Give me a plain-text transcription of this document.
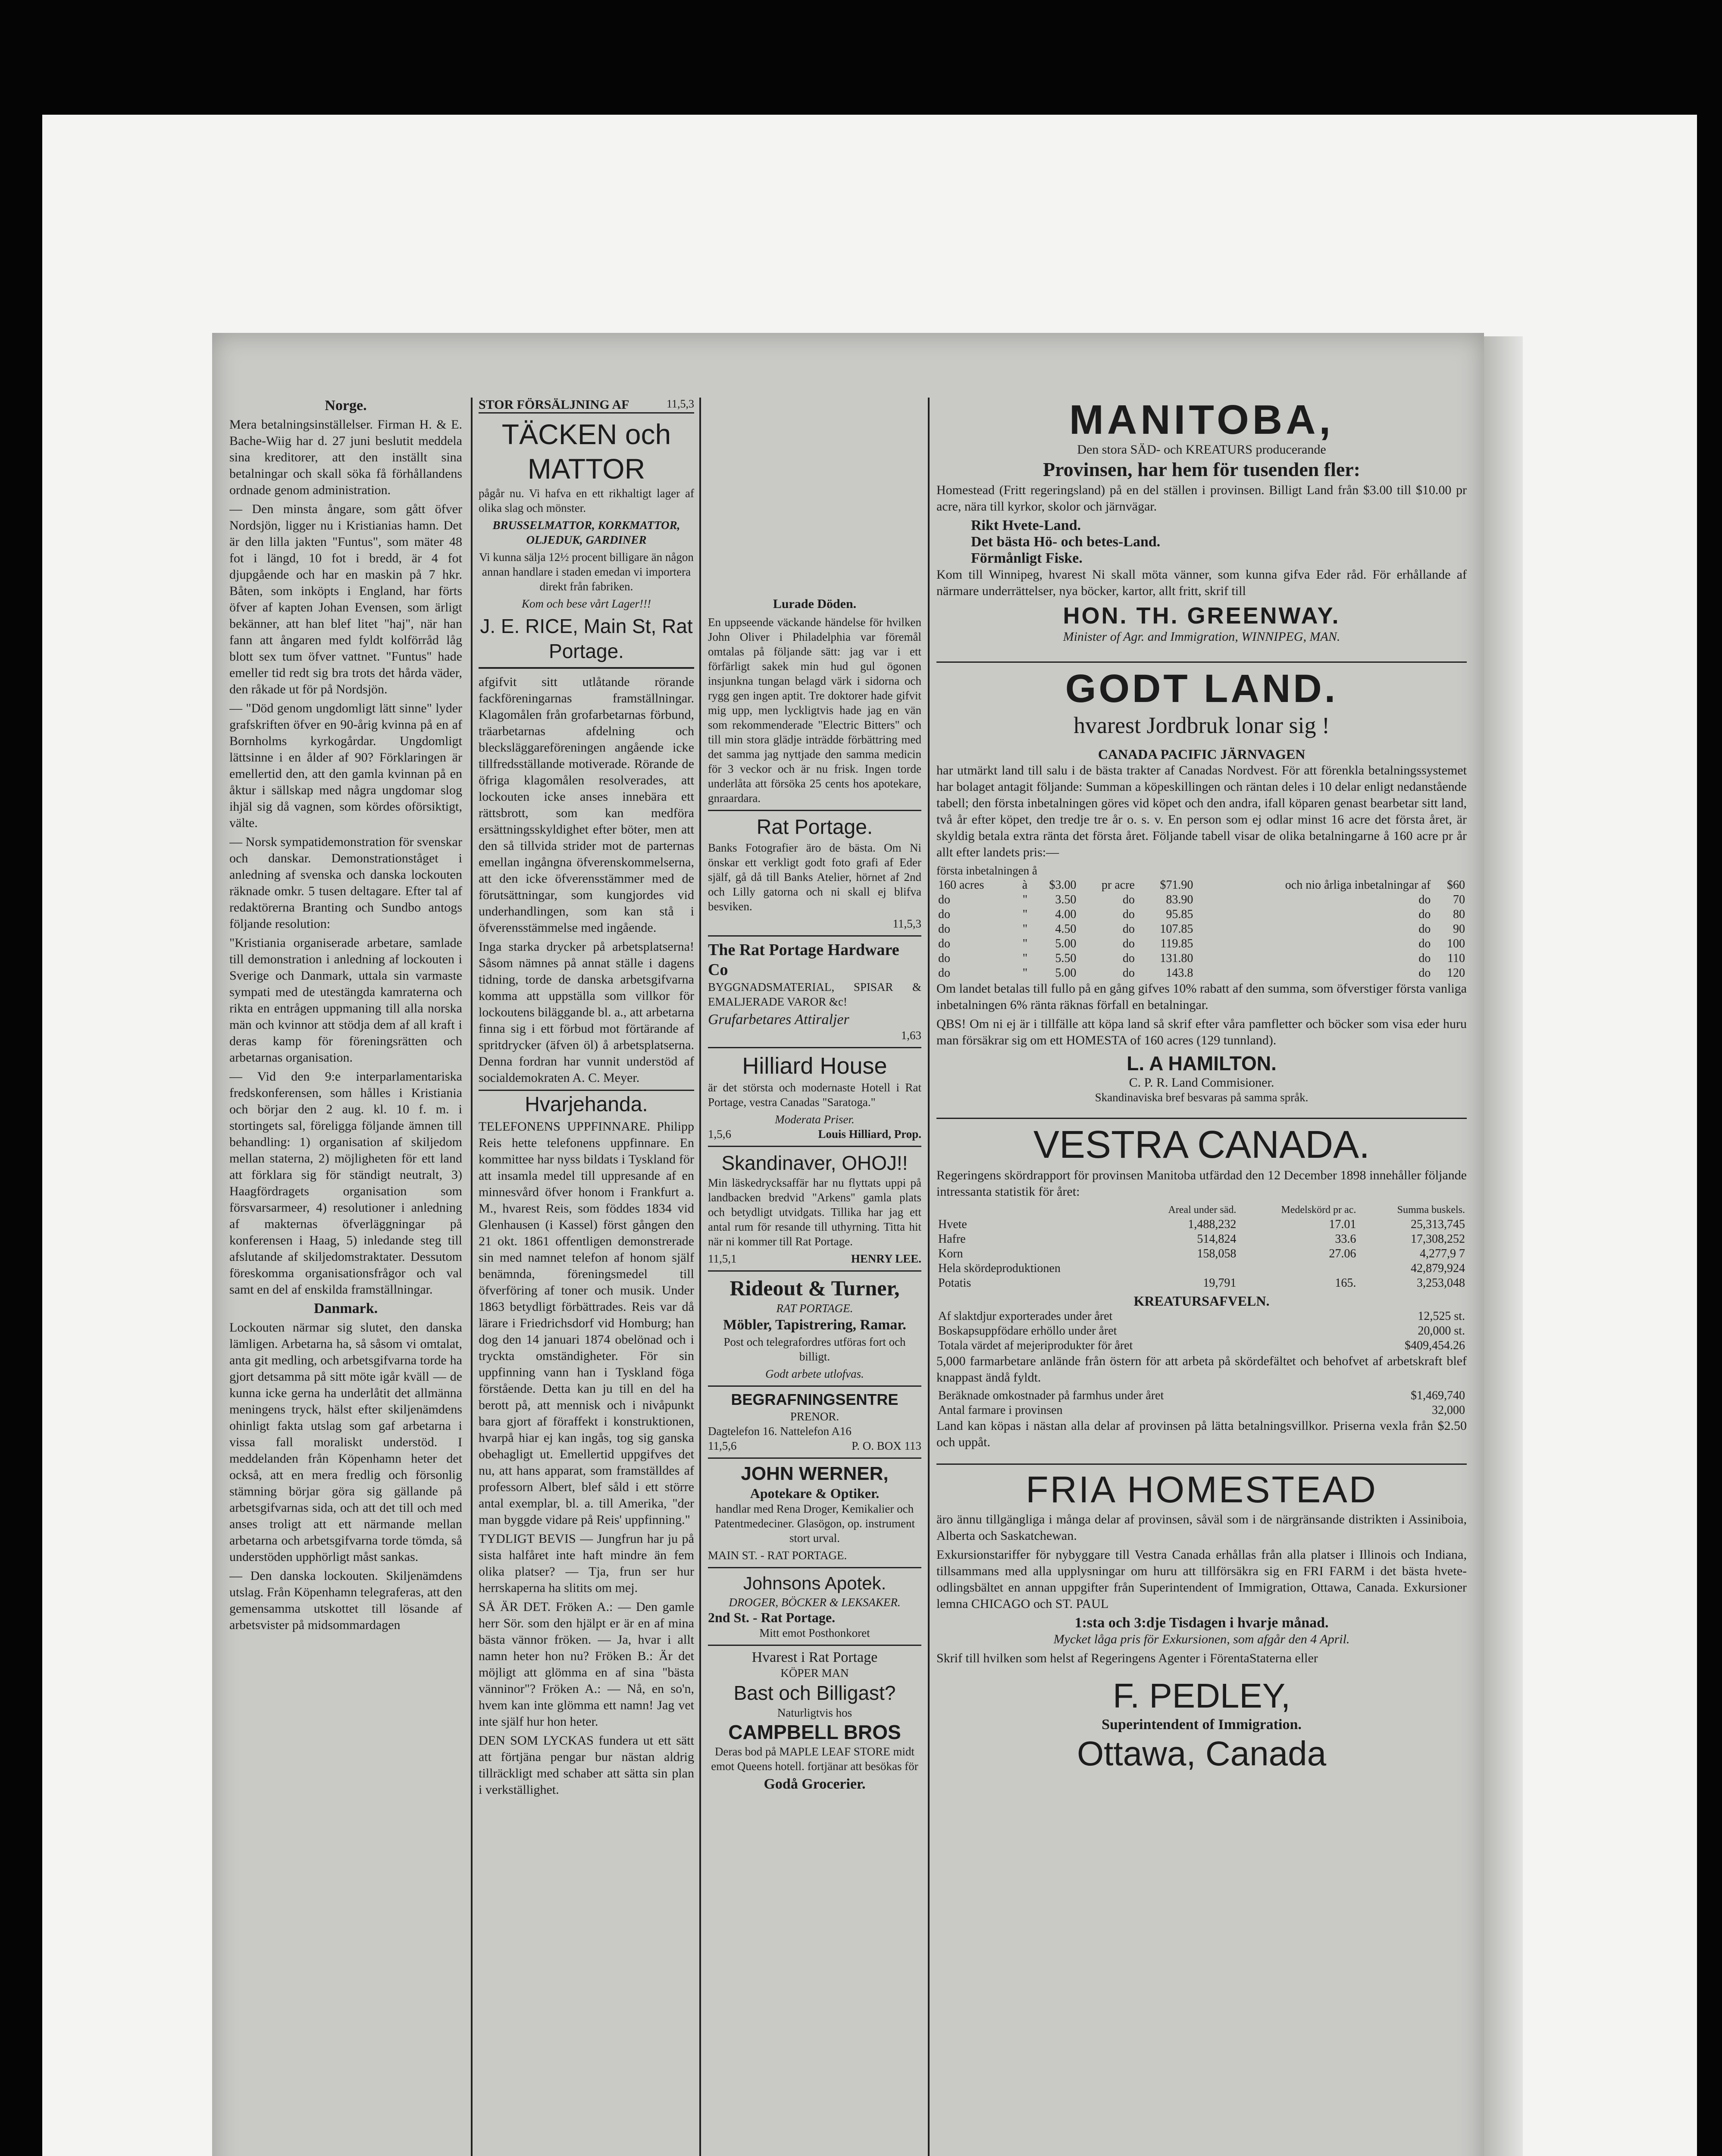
Norge.

Mera betalningsinställelser. Firman H. & E. Bache-Wiig har d. 27 juni beslutit meddela sina kreditorer, att den inställt sina betalningar och skall söka få förhållandens ordnade genom administration.

— Den minsta ångare, som gått öfver Nordsjön, ligger nu i Kristianias hamn. Det är den lilla jakten "Funtus", som mäter 48 fot i längd, 10 fot i bredd, är 4 fot djupgående och har en maskin på 7 hkr. Båten, som inköpts i England, har förts öfver af kapten Johan Evensen, som ärligt bekänner, att han blef litet "haj", när han fann att ångaren med fyldt kolförråd låg blott sex tum öfver vattnet. "Funtus" hade emeller tid redt sig bra trots det hårda väder, den råkade ut för på Nordsjön.

— "Död genom ungdomligt lätt sinne" lyder grafskriften öfver en 90-årig kvinna på en af Bornholms kyrkogårdar. Ungdomligt lättsinne i en ålder af 90? Förklaringen är emellertid den, att den gamla kvinnan på en åktur i sällskap med några ungdomar slog ihjäl sig då vagnen, som kördes oförsiktigt, välte.

— Norsk sympatidemonstration för svenskar och danskar. Demonstrationståget i anledning af svenska och danska lockouten räknade omkr. 5 tusen deltagare. Efter tal af redaktörerna Branting och Sundbo antogs följande resolution:

"Kristiania organiserade arbetare, samlade till demonstration i anledning af lockouten i Sverige och Danmark, uttala sin varmaste sympati med de utestängda kamraterna och rikta en entrågen uppmaning till alla norska män och kvinnor att stödja dem af all kraft i deras kamp för föreningsrätten och arbetarnas organisation.

— Vid den 9:e interparlamentariska fredskonferensen, som hålles i Kristiania och börjar den 2 aug. kl. 10 f. m. i stortingets sal, föreligga följande ämnen till behandling: 1) organisation af skiljedom mellan staterna, 2) möjligheten för ett land att förklara sig för ständigt neutralt, 3) Haagfördragets organisation som försvarsarmeer, 4) resolutioner i anledning af makternas öfverläggningar på konferensen i Haag, 5) inledande steg till afslutande af skiljedomstraktater. Dessutom föreskomma organisationsfrågor och val samt en del af enskilda framställningar.

Danmark.

Lockouten närmar sig slutet, den danska lämligen. Arbetarna ha, så såsom vi omtalat, anta git medling, och arbetsgifvarna torde ha gjort detsamma på sitt möte igår kväll — de kunna icke gerna ha underlåtit det allmänna meningens tryck, hälst efter skiljenämdens ohinligt fakta utslag som gaf arbetarna i vissa fall moraliskt understöd. I meddelanden från Köpenhamn heter det också, att en mera fredlig och försonlig stämning börjar göra sig gällande på arbetsgifvarnas sida, och att det till och med anses troligt att ett närmande mellan arbetarna och arbetsgifvarna torde tömda, så understöden upphörligt måst sankas.

— Den danska lockouten. Skiljenämdens utslag. Från Köpenhamn telegraferas, att den gemensamma utskottet till lösande af arbetsvister på midsommardagen

STOR FÖRSÄLJNING AF	11,5,3
TÄCKEN och MATTOR

pågår nu. Vi hafva en ett rikhaltigt lager af olika slag och mönster.

BRUSSELMATTOR, KORKMATTOR, OLJEDUK, GARDINER

Vi kunna sälja 12½ procent billigare än någon annan handlare i staden emedan vi importera direkt från fabriken.

Kom och bese vårt Lager!!!

J. E. RICE, Main St, Rat Portage.

afgifvit sitt utlåtande rörande fackföreningarnas framställningar. Klagomålen från grofarbetarnas förbund, träarbetarnas afdelning och blecksläggareföreningen angående icke tillfredsställande motiverade. Rörande de öfriga klagomålen resolverades, att lockouten icke anses innebära ett rättsbrott, som kan medföra ersättningsskyldighet efter böter, men att den så tillvida strider mot de parternas emellan ingångna öfverenskommelserna, att den icke öfverensstämmer med de förutsättningar, som kungjordes vid underhandlingen, som kan stå i öfverensstämmelse med ingående.

Inga starka drycker på arbetsplatserna! Såsom nämnes på annat ställe i dagens tidning, torde de danska arbetsgifvarna komma att uppställa som villkor för lockoutens biläggande bl. a., att arbetarna finna sig i ett förbud mot förtärande af spritdrycker (äfven öl) å arbetsplatserna. Denna fordran har vunnit understöd af socialdemokraten A. C. Meyer.

Hvarjehanda.

TELEFONENS UPPFINNARE. Philipp Reis hette telefonens uppfinnare. En kommittee har nyss bildats i Tyskland för att insamla medel till uppresande af en minnesvård öfver honom i Frankfurt a. M., hvarest Reis, som föddes 1834 vid Glenhausen (i Kassel) först gången den 21 okt. 1861 offentligen demonstrerade sin med namnet telefon af honom själf benämnda, föreningsmedel till öfverföring af toner och musik. Under 1863 betydligt förbättrades. Reis var då lärare i Friedrichsdorf vid Homburg; han dog den 14 januari 1874 obelönad och i tryckta omständigheter. För sin uppfinning vann han i Tyskland föga förstående. Detta kan ju till en del ha berott på, att mennisk och i nivåpunkt bara gjort af föraffekt i konstruktionen, hvarpå hiar ej kan ingås, tog sig ganska obehagligt ut. Emellertid uppgifves det nu, att hans apparat, som framställdes af professorn Albert, blef såld i ett större antal exemplar, bl. a. till Amerika, "der man byggde vidare på Reis' uppfinning."

TYDLIGT BEVIS — Jungfrun har ju på sista halfåret inte haft mindre än fem olika platser? — Tja, frun ser hur herrskaperna ha slitits om mej.

SÅ ÄR DET. Fröken A.: — Den gamle herr Sör. som den hjälpt er är en af mina bästa vännor fröken. — Ja, hvar i allt namn heter hon nu? Fröken B.: Är det möjligt att glömma en af sina "bästa vänninor"? Fröken A.: — Nå, en so'n, hvem kan inte glömma ett namn! Jag vet inte själf hur hon heter.

DEN SOM LYCKAS fundera ut ett sätt att förtjäna pengar bur nästan aldrig tillräckligt med schaber att sätta sin plan i verkställighet.

Lurade Döden.

En uppseende väckande händelse för hvilken John Oliver i Philadelphia var föremål omtalas på följande sätt: jag var i ett förfärligt sakek min hud gul ögonen insjunkna tungan belagd värk i sidorna och rygg gen ingen aptit. Tre doktorer hade gifvit mig upp, men lyckligtvis hade jag en vän som rekommenderade "Electric Bitters" och till min stora glädje inträdde förbättring med det samma jag nyttjade den samma medicin för 3 veckor och är nu frisk. Ingen torde underlåta att försöka 25 cents hos apotekare, gnraardara.

Rat Portage.

Banks Fotografier äro de bästa. Om Ni önskar ett verkligt godt foto grafi af Eder själf, gå då till Banks Atelier, hörnet af 2nd och Lilly gatorna och ni skall ej blifva besviken.

11,5,3
The Rat Portage Hardware Co

BYGGNADSMATERIAL, SPISAR & EMALJERADE VAROR &c!

Grufarbetares Attiraljer
1,63
Hilliard House

är det största och modernaste Hotell i Rat Portage, vestra Canadas "Saratoga."

Moderata Priser.
1,5,6	Louis Hilliard, Prop.
Skandinaver, OHOJ!!

Min läskedrycksaffär har nu flyttats uppi på landbacken bredvid "Arkens" gamla plats och betydligt utvidgats. Tillika har jag ett antal rum för resande till uthyrning. Titta hit när ni kommer till Rat Portage.

11,5,1	HENRY LEE.
Rideout & Turner,
RAT PORTAGE.
Möbler, Tapistrering, Ramar.

Post och telegrafordres utföras fort och billigt.

Godt arbete utlofvas.
BEGRAFNINGSENTRE
PRENOR.
Dagtelefon 16. Nattelefon A16
11,5,6	P. O. BOX 113
JOHN WERNER,
Apotekare & Optiker.

handlar med Rena Droger, Kemikalier och Patentmedeciner. Glasögon, op. instrument stort urval.

MAIN ST. - RAT PORTAGE.
Johnsons Apotek.
DROGER, BÖCKER & LEKSAKER.
2nd St. - Rat Portage.
Mitt emot Posthonkoret
Hvarest i Rat Portage
KÖPER MAN
Bast och Billigast?
Naturligtvis hos
CAMPBELL BROS

Deras bod på MAPLE LEAF STORE midt emot Queens hotell. fortjänar att besökas för

Godå Grocerier.
MANITOBA,
Den stora SÄD- och KREATURS producerande
Provinsen, har hem för tusenden fler:

Homestead (Fritt regeringsland) på en del ställen i provinsen. Billigt Land från $3.00 till $10.00 pr acre, nära till kyrkor, skolor och järnvägar.

Rikt Hvete-Land.
Det bästa Hö- och betes-Land.
Förmånligt Fiske.

Kom till Winnipeg, hvarest Ni skall möta vänner, som kunna gifva Eder råd. För erhållande af närmare underrättelser, nya böcker, kartor, allt fritt, skrif till

HON. TH. GREENWAY.
Minister of Agr. and Immigration, WINNIPEG, MAN.
GODT LAND.
hvarest Jordbruk lonar sig !
CANADA PACIFIC JÄRNVAGEN

har utmärkt land till salu i de bästa trakter af Canadas Nordvest. För att förenkla betalningssystemet har bolaget antagit följande: Summan a köpeskillingen och räntan deles i 10 delar enligt nedanstående tabell; den första inbetalningen göres vid köpet och den andra, ifall köparen genast bearbetar sitt land, två år efter köpet, den tredje tre år o. s. v. En person som ej odlar minst 16 acre det första året, är skyldig betala extra ränta det första året. Följande tabell visar de olika betalningarne å 160 acre pr år allt efter landets pris:—

första inbetalningen å
160 acres	à	$3.00	pr acre	$71.90	och nio årliga inbetalningar af	$60
do	"	3.50	do	83.90	do	70
do	"	4.00	do	95.85	do	80
do	"	4.50	do	107.85	do	90
do	"	5.00	do	119.85	do	100
do	"	5.50	do	131.80	do	110
do	"	5.00	do	143.8	do	120

Om landet betalas till fullo på en gång gifves 10% rabatt af den summa, som öfverstiger första vanliga inbetalningen 6% ränta räknas förfall en betalningar.

QBS! Om ni ej är i tillfälle att köpa land så skrif efter våra pamfletter och böcker som visa eder huru man försäkrar sig om ett HOMESTA of 160 acres (129 tunnland).

L. A HAMILTON.
C. P. R. Land Commisioner.
Skandinaviska bref besvaras på samma språk.
VESTRA CANADA.

Regeringens skördrapport för provinsen Manitoba utfärdad den 12 December 1898 innehåller följande intressanta statistik för året:

	Areal under säd.	Medelskörd pr ac.	Summa buskels.
Hvete	1,488,232	17.01	25,313,745
Hafre	514,824	33.6	17,308,252
Korn	158,058	27.06	4,277,9 7
Hela skördeproduktionen			42,879,924
Potatis	19,791	165.	3,253,048
KREATURSAFVELN.
Af slaktdjur exporterades under året	12,525 st.
Boskapsuppfödare erhöllo under året	20,000 st.
Totala värdet af mejeriprodukter för året	$409,454.26

5,000 farmarbetare anlände från östern för att arbeta på skördefältet och behofvet af arbetskraft blef knappast ändå fyldt.

Beräknade omkostnader på farmhus under året	$1,469,740
Antal farmare i provinsen	32,000

Land kan köpas i nästan alla delar af provinsen på lätta betalningsvillkor. Priserna vexla från $2.50 och uppåt.

FRIA HOMESTEAD

äro ännu tillgängliga i många delar af provinsen, såväl som i de närgränsande distrikten i Assiniboia, Alberta och Saskatchewan.

Exkursionstariffer för nybyggare till Vestra Canada erhållas från alla platser i Illinois och Indiana, tillsammans med alla upplysningar om huru att tillförsäkra sig en FRI FARM i det bästa hvete-odlingsbältet en annan uppgifter från Superintendent of Immigration, Ottawa, Canada. Exkursioner lemna CHICAGO och ST. PAUL

1:sta och 3:dje Tisdagen i hvarje månad.

Mycket låga pris för Exkursionen, som afgår den 4 April.

Skrif till hvilken som helst af Regeringens Agenter i FörentaStaterna eller

F. PEDLEY,
Superintendent of Immigration.
Ottawa, Canada
